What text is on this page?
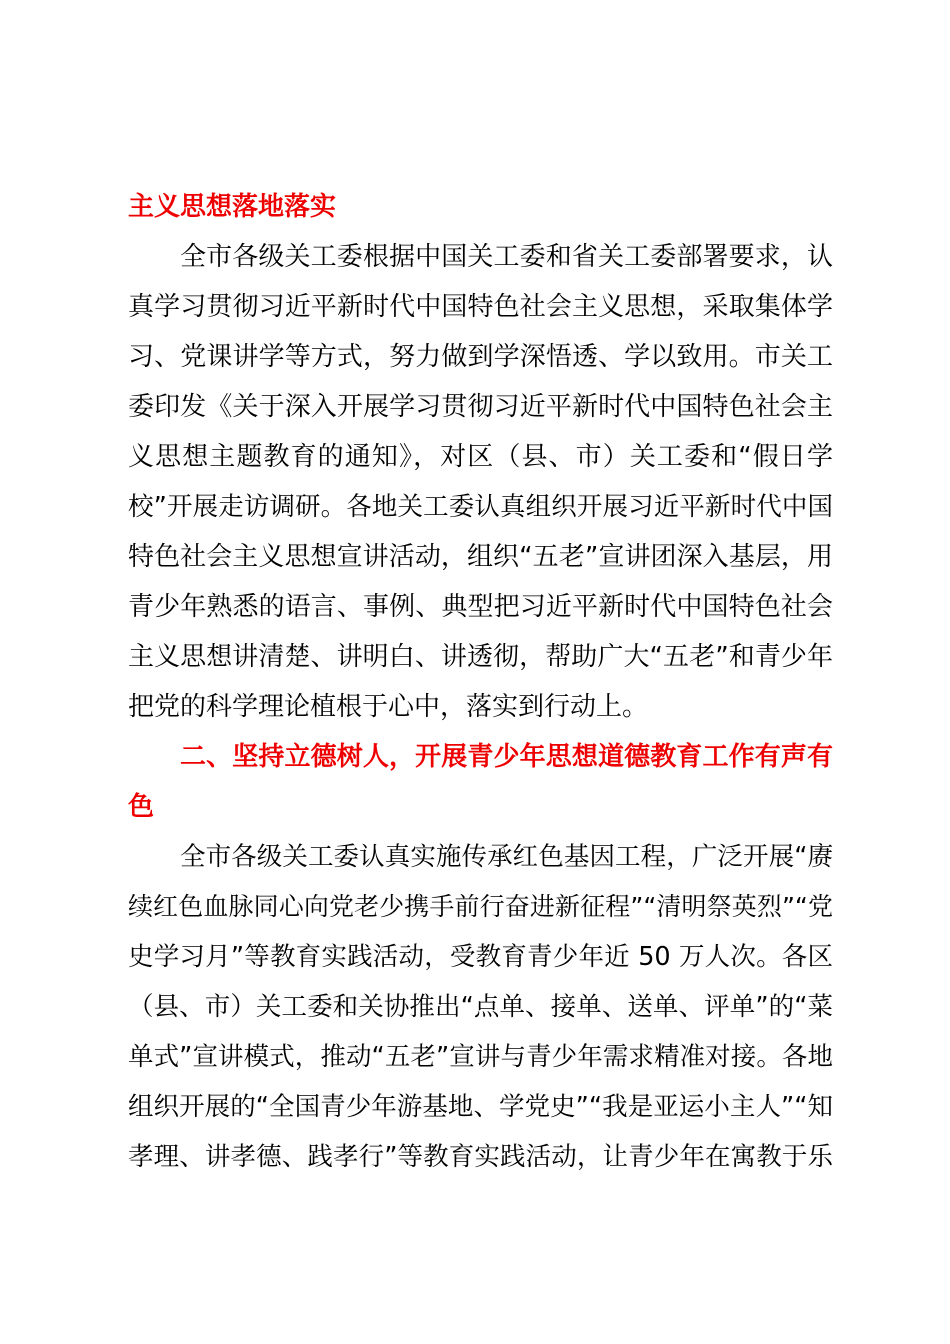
主义思想落地落实
全市各级关工委根据中国关工委和省关工委部署要求，认
真学习贯彻习近平新时代中国特色社会主义思想，采取集体学
习、党课讲学等方式，努力做到学深悟透、学以致用。市关工
委印发《关于深入开展学习贯彻习近平新时代中国特色社会主
义思想主题教育的通知》，对区（县、市）关工委和“假日学
校”开展走访调研。各地关工委认真组织开展习近平新时代中国
特色社会主义思想宣讲活动，组织“五老”宣讲团深入基层，用
青少年熟悉的语言、事例、典型把习近平新时代中国特色社会
主义思想讲清楚、讲明白、讲透彻，帮助广大“五老”和青少年
把党的科学理论植根于心中，落实到行动上。
二、坚持立德树人，开展青少年思想道德教育工作有声有
色
全市各级关工委认真实施传承红色基因工程，广泛开展“赓
续红色血脉同心向党老少携手前行奋进新征程”“清明祭英烈”“党
史学习月”等教育实践活动，受教育青少年近 50 万人次。各区
（县、市）关工委和关协推出“点单、接单、送单、评单”的“菜
单式”宣讲模式，推动“五老”宣讲与青少年需求精准对接。各地
组织开展的“全国青少年游基地、学党史”“我是亚运小主人”“知
孝理、讲孝德、践孝行”等教育实践活动，让青少年在寓教于乐
